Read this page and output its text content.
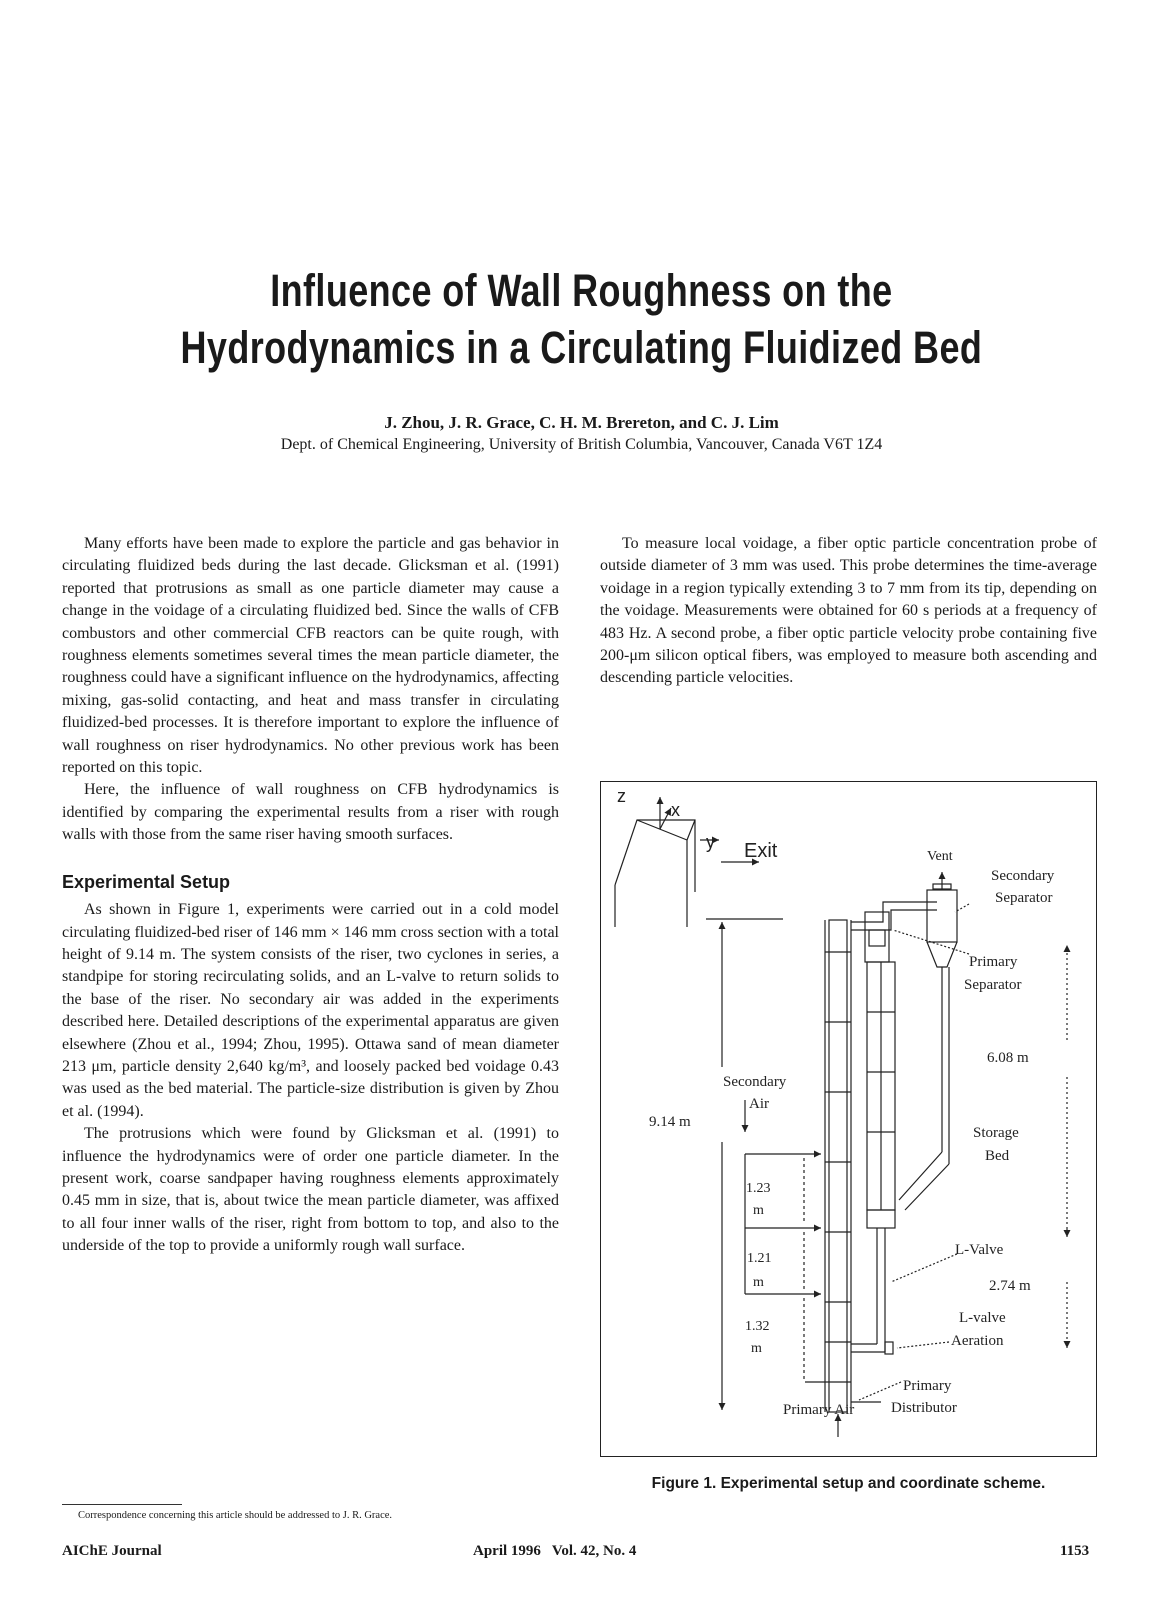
Influence of Wall Roughness on the
Hydrodynamics in a Circulating Fluidized Bed
J. Zhou, J. R. Grace, C. H. M. Brereton, and C. J. Lim
Dept. of Chemical Engineering, University of British Columbia, Vancouver, Canada V6T 1Z4

Many efforts have been made to explore the particle and gas behavior in circulating fluidized beds during the last decade. Glicksman et al. (1991) reported that protrusions as small as one particle diameter may cause a change in the voidage of a circulating fluidized bed. Since the walls of CFB combustors and other commercial CFB reactors can be quite rough, with roughness elements sometimes several times the mean particle diameter, the roughness could have a significant influence on the hydrodynamics, affecting mixing, gas-solid contacting, and heat and mass transfer in circulating fluidized-bed processes. It is therefore important to explore the influence of wall roughness on riser hydrodynamics. No other previous work has been reported on this topic.

Here, the influence of wall roughness on CFB hydrodynamics is identified by comparing the experimental results from a riser with rough walls with those from the same riser having smooth surfaces.

Experimental Setup

As shown in Figure 1, experiments were carried out in a cold model circulating fluidized-bed riser of 146 mm × 146 mm cross section with a total height of 9.14 m. The system consists of the riser, two cyclones in series, a standpipe for storing recirculating solids, and an L-valve to return solids to the base of the riser. No secondary air was added in the experiments described here. Detailed descriptions of the experimental apparatus are given elsewhere (Zhou et al., 1994; Zhou, 1995). Ottawa sand of mean diameter 213 μm, particle density 2,640 kg/m³, and loosely packed bed voidage 0.43 was used as the bed material. The particle-size distribution is given by Zhou et al. (1994).

The protrusions which were found by Glicksman et al. (1991) to influence the hydrodynamics were of order one particle diameter. In the present work, coarse sandpaper having roughness elements approximately 0.45 mm in size, that is, about twice the mean particle diameter, was affixed to all four inner walls of the riser, right from bottom to top, and also to the underside of the top to provide a uniformly rough wall surface.

To measure local voidage, a fiber optic particle concentration probe of outside diameter of 3 mm was used. This probe determines the time-average voidage in a region typically extending 3 to 7 mm from its tip, depending on the voidage. Measurements were obtained for 60 s periods at a frequency of 483 Hz. A second probe, a fiber optic particle velocity probe containing five 200-μm silicon optical fibers, was employed to measure both ascending and descending particle velocities.

z
x
y Exit	Vent
Secondary
Separator
Primary
Separator
6.08 m
Secondary
Air
9.14 m
Storage
Bed
1.23
m
1.21
m
1.32
m
L-Valve
2.74 m
L-valve
Aeration
Primary
Distributor
Primary Air
Figure 1. Experimental setup and coordinate scheme.
Correspondence concerning this article should be addressed to J. R. Grace.
AIChE Journal	April 1996   Vol. 42, No. 4	1153
